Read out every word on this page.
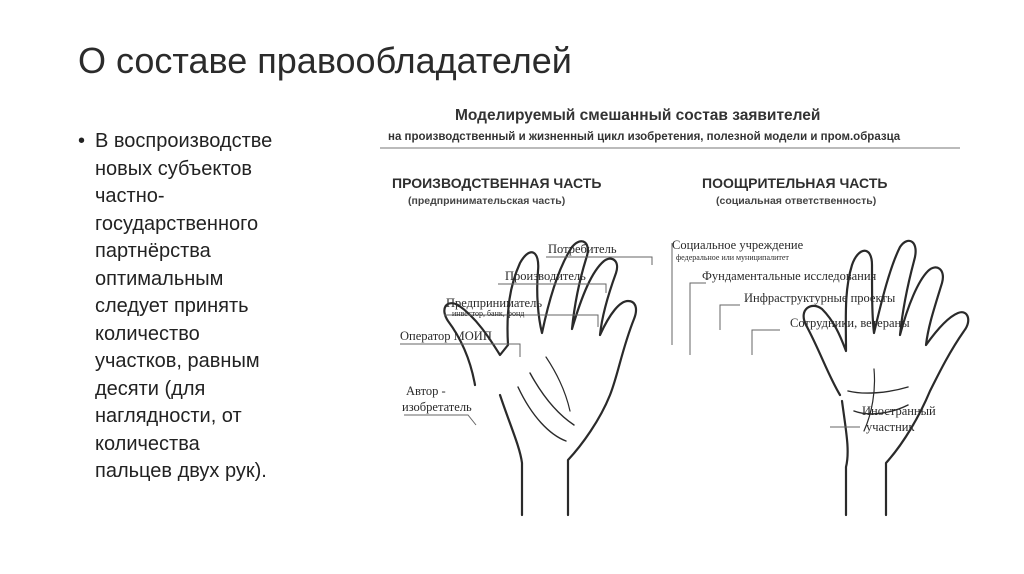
О составе правообладателей
• В воспроизводстве
новых субъектов
частно-
государственного
партнёрства
оптимальным
следует принять
количество
участков, равным
десяти (для
наглядности, от
количества
пальцев двух рук).
Моделируемый смешанный состав заявителей
на производственный и жизненный цикл изобретения, полезной модели и пром.образца
ПРОИЗВОДСТВЕННАЯ ЧАСТЬ
(предпринимательская часть)
ПООЩРИТЕЛЬНАЯ ЧАСТЬ
(социальная ответственность)
Потребитель
Производитель
Предприниматель
инвестор, банк, фонд
Оператор МОИП
Автор -
изобретатель
Социальное учреждение
федеральное или муниципалитет
Фундаментальные исследования
Инфраструктурные проекты
Сотрудники, ветераны
Иностранный
участник
